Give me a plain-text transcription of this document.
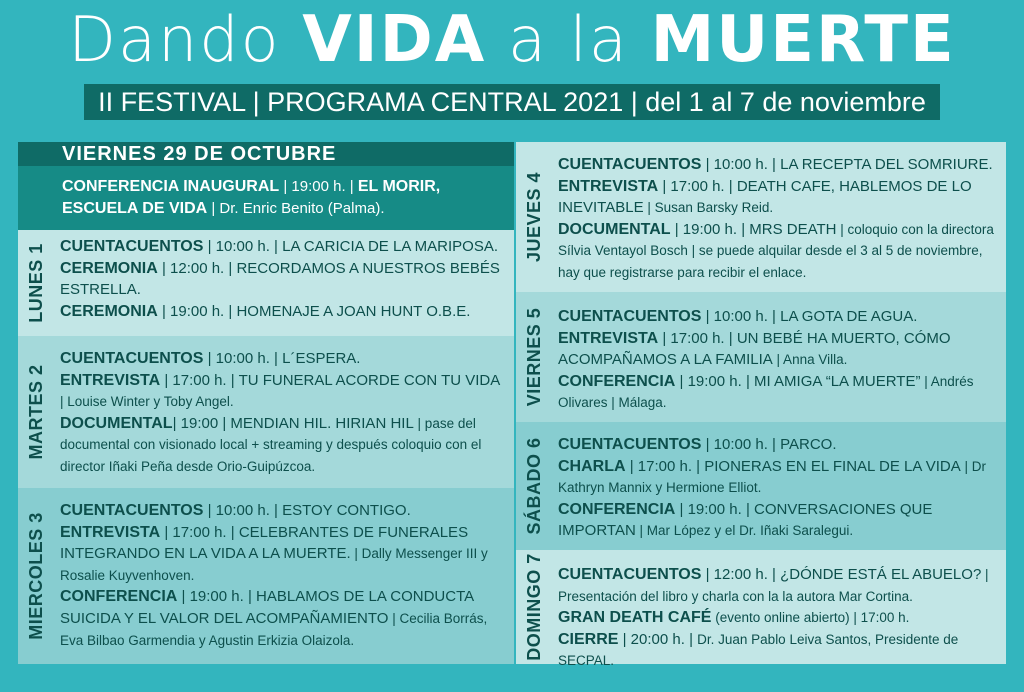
Dando VIDA a la MUERTE
II FESTIVAL | PROGRAMA CENTRAL 2021 | del 1 al 7 de noviembre
VIERNES 29 DE OCTUBRE
CONFERENCIA INAUGURAL | 19:00 h. | EL MORIR, ESCUELA DE VIDA | Dr. Enric Benito (Palma).
LUNES 1 CUENTACUENTOS | 10:00 h. | LA CARICIA DE LA MARIPOSA.
CEREMONIA | 12:00 h. | RECORDAMOS A NUESTROS BEBÉS ESTRELLA.
CEREMONIA | 19:00 h. | HOMENAJE A JOAN HUNT O.B.E.
MARTES 2
CUENTACUENTOS | 10:00 h. | L´ESPERA.
ENTREVISTA | 17:00 h. | TU FUNERAL ACORDE CON TU VIDA | Louise Winter y Toby Angel.
DOCUMENTAL| 19:00 | MENDIAN HIL. HIRIAN HIL | pase del documental con visionado local + streaming y después coloquio con el director Iñaki Peña desde Orio-Guipúzcoa.
MIERCOLES 3
CUENTACUENTOS | 10:00 h. | ESTOY CONTIGO.
ENTREVISTA | 17:00 h. | CELEBRANTES DE FUNERALES INTEGRANDO EN LA VIDA A LA MUERTE. | Dally Messenger III y Rosalie Kuyvenhoven.
CONFERENCIA | 19:00 h. | HABLAMOS DE LA CONDUCTA SUICIDA Y EL VALOR DEL ACOMPAÑAMIENTO | Cecilia Borrás, Eva Bilbao Garmendia y Agustin Erkizia Olaizola.
JUEVES 4
CUENTACUENTOS | 10:00 h. | LA RECEPTA DEL SOMRIURE.
ENTREVISTA | 17:00 h. | DEATH CAFE, HABLEMOS DE LO INEVITABLE | Susan Barsky Reid.
DOCUMENTAL | 19:00 h. | MRS DEATH | coloquio con la directora Sílvia Ventayol Bosch | se puede alquilar desde el 3 al 5 de noviembre, hay que registrarse para recibir el enlace.
VIERNES 5 CUENTACUENTOS | 10:00 h. | LA GOTA DE AGUA.
ENTREVISTA | 17:00 h. | UN BEBÉ HA MUERTO, CÓMO ACOMPAÑAMOS A LA FAMILIA | Anna Villa.
CONFERENCIA | 19:00 h. | MI AMIGA “LA MUERTE” | Andrés Olivares | Málaga.
SÁBADO 6 CUENTACUENTOS | 10:00 h. | PARCO.
CHARLA | 17:00 h. | PIONERAS EN EL FINAL DE LA VIDA | Dr Kathryn Mannix y Hermione Elliot.
CONFERENCIA | 19:00 h. | CONVERSACIONES QUE IMPORTAN | Mar López y el Dr. Iñaki Saralegui.
DOMINGO 7 CUENTACUENTOS | 12:00 h. | ¿DÓNDE ESTÁ EL ABUELO? | Presentación del libro y charla con la la autora Mar Cortina.
GRAN DEATH CAFÉ (evento online abierto) | 17:00 h.
CIERRE | 20:00 h. | Dr. Juan Pablo Leiva Santos, Presidente de SECPAL.
